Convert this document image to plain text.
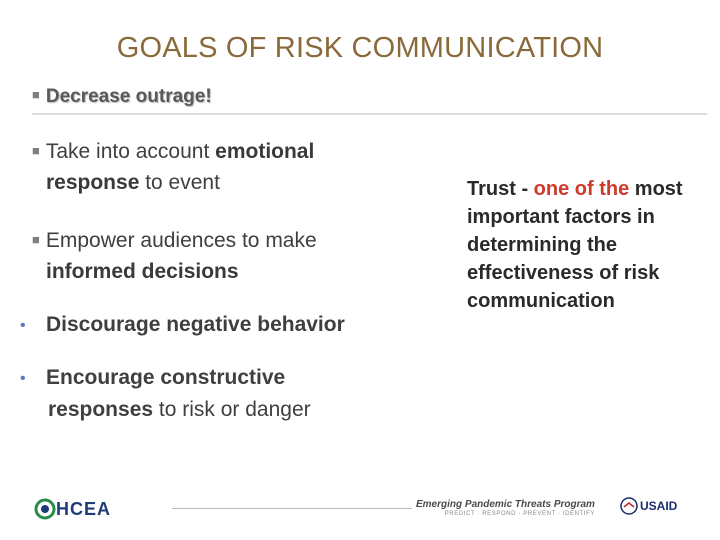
GOALS OF RISK COMMUNICATION
■ Decrease outrage!
■ Take into account emotional
response to event
■ Empower audiences to make
informed decisions
• Discourage negative behavior
• Encourage constructive
responses to risk or danger
Trust - one of the most important factors in determining the effectiveness of risk communication
HCEA	Emerging Pandemic Threats Program
PREDICT · RESPOND · PREVENT · IDENTIFY
USAID
